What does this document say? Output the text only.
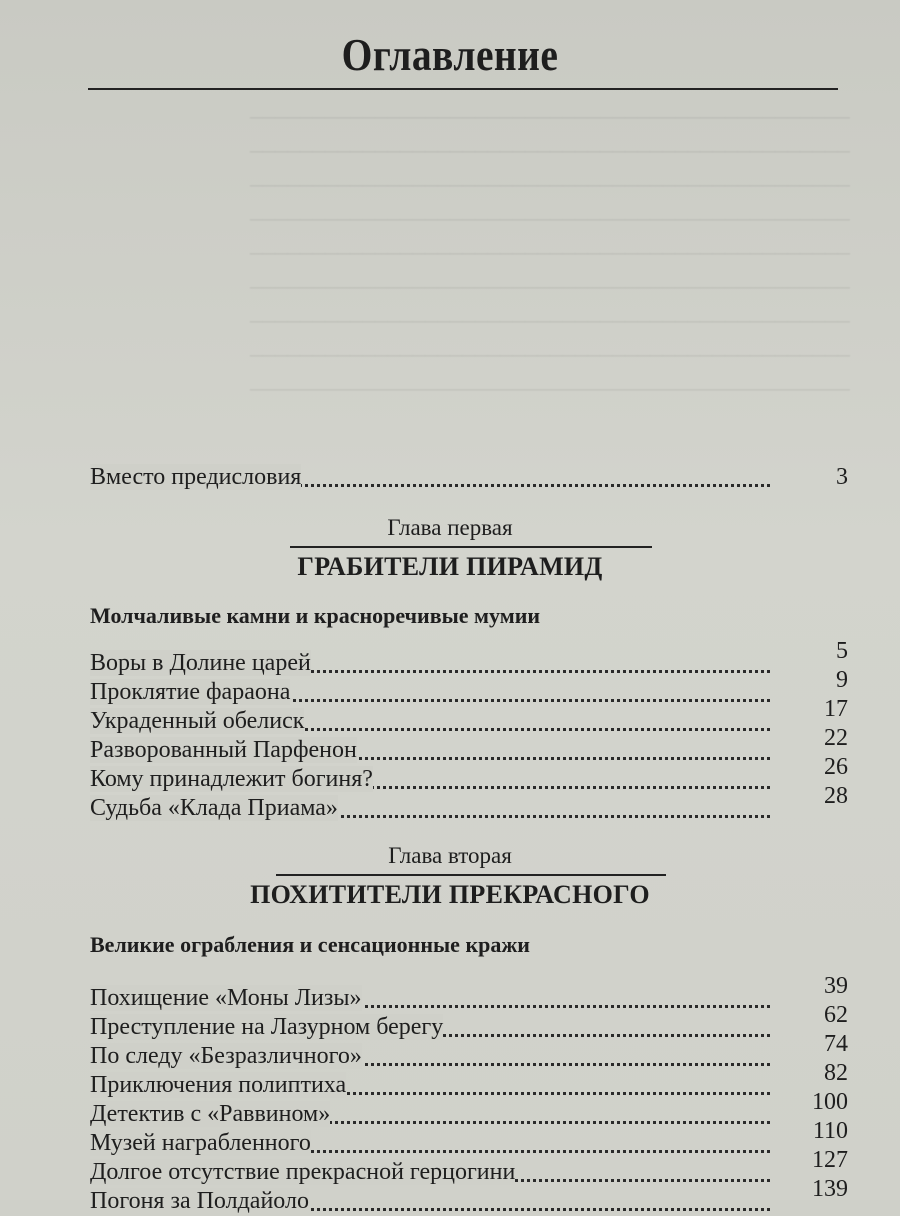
‒‒‒‒‒‒‒‒‒‒‒‒‒‒‒‒‒‒‒‒‒‒‒‒‒‒‒‒‒‒‒‒‒‒‒‒‒‒‒‒‒‒‒‒‒‒‒‒
‒‒‒‒‒‒‒‒‒‒‒‒‒‒‒‒‒‒‒‒‒‒‒‒‒‒‒‒‒‒‒‒‒‒‒‒‒‒‒‒‒‒‒‒‒‒‒‒
‒‒‒‒‒‒‒‒‒‒‒‒‒‒‒‒‒‒‒‒‒‒‒‒‒‒‒‒‒‒‒‒‒‒‒‒‒‒‒‒‒‒‒‒‒‒‒‒
‒‒‒‒‒‒‒‒‒‒‒‒‒‒‒‒‒‒‒‒‒‒‒‒‒‒‒‒‒‒‒‒‒‒‒‒‒‒‒‒‒‒‒‒‒‒‒‒
‒‒‒‒‒‒‒‒‒‒‒‒‒‒‒‒‒‒‒‒‒‒‒‒‒‒‒‒‒‒‒‒‒‒‒‒‒‒‒‒‒‒‒‒‒‒‒‒
‒‒‒‒‒‒‒‒‒‒‒‒‒‒‒‒‒‒‒‒‒‒‒‒‒‒‒‒‒‒‒‒‒‒‒‒‒‒‒‒‒‒‒‒‒‒‒‒
‒‒‒‒‒‒‒‒‒‒‒‒‒‒‒‒‒‒‒‒‒‒‒‒‒‒‒‒‒‒‒‒‒‒‒‒‒‒‒‒‒‒‒‒‒‒‒‒
‒‒‒‒‒‒‒‒‒‒‒‒‒‒‒‒‒‒‒‒‒‒‒‒‒‒‒‒‒‒‒‒‒‒‒‒‒‒‒‒‒‒‒‒‒‒‒‒
‒‒‒‒‒‒‒‒‒‒‒‒‒‒‒‒‒‒‒‒‒‒‒‒‒‒‒‒‒‒‒‒‒‒‒‒‒‒‒‒‒‒‒‒‒‒‒‒
Оглавление
Вместо предисловия	3
Глава первая
ГРАБИТЕЛИ ПИРАМИД
Молчаливые камни и красноречивые мумии
Воры в Долине царей	5
Проклятие фараона	9
Украденный обелиск	17
Разворованный Парфенон	22
Кому принадлежит богиня?	26
Судьба «Клада Приама»	28
Глава вторая
ПОХИТИТЕЛИ ПРЕКРАСНОГО
Великие ограбления и сенсационные кражи
Похищение «Моны Лизы»	39
Преступление на Лазурном берегу	62
По следу «Безразличного»	74
Приключения полиптиха	82
Детектив с «Раввином»	100
Музей награбленного	110
Долгое отсутствие прекрасной герцогини	127
Погоня за Полдайоло	139
